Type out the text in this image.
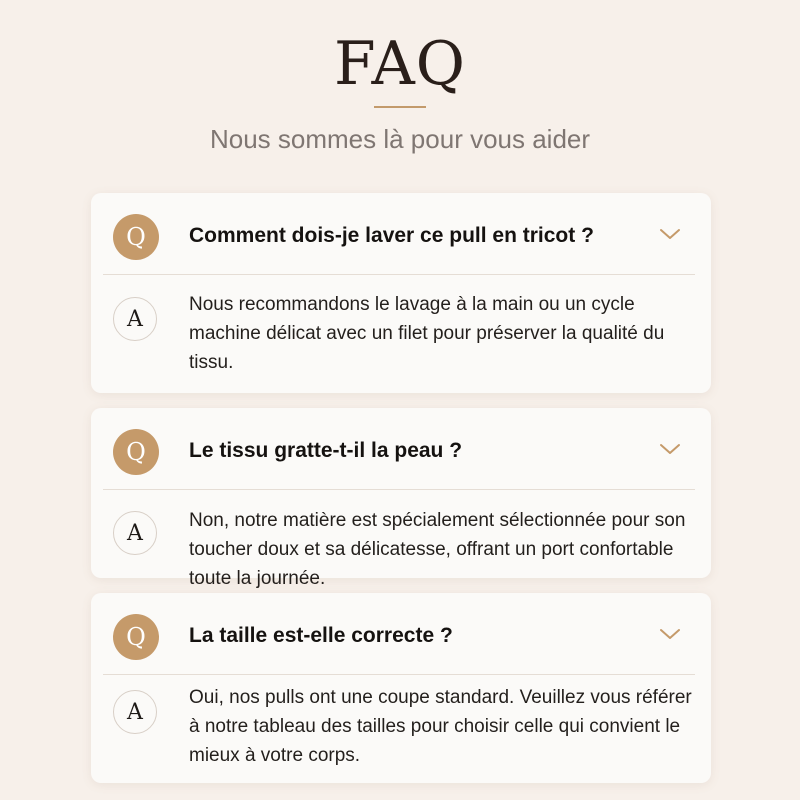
FAQ
Nous sommes là pour vous aider
Q	Comment dois-je laver ce pull en tricot ?
A
Nous recommandons le lavage à la main ou un cycle machine délicat avec un filet pour préserver la qualité du tissu.
Q	Le tissu gratte-t-il la peau ?
A
Non, notre matière est spécialement sélectionnée pour son toucher doux et sa délicatesse, offrant un port confortable toute la journée.
Q	La taille est-elle correcte ?
A
Oui, nos pulls ont une coupe standard. Veuillez vous référer à notre tableau des tailles pour choisir celle qui convient le mieux à votre corps.
